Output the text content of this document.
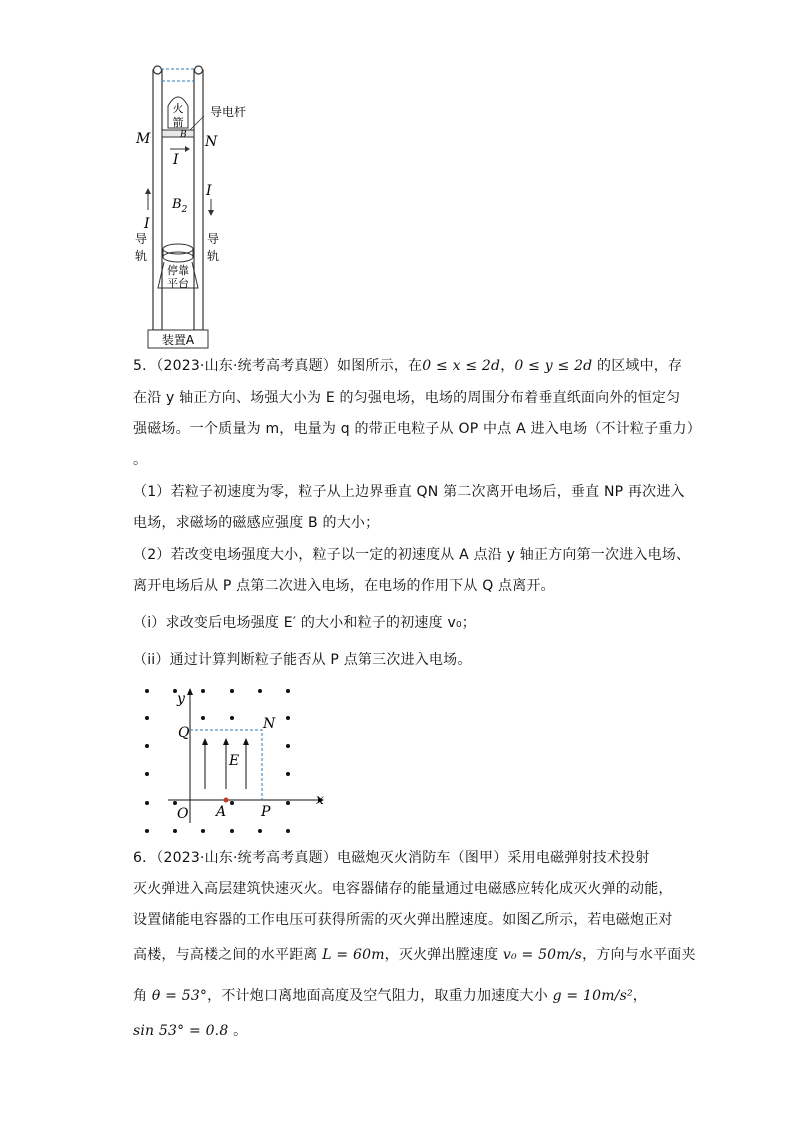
火
箭
B
导电杆
M	N
I
$B_2$
I
导
轨
I
导
轨
停靠
平台
装置A
5．（2023·山东·统考高考真题）如图所示，在0 ≤ x ≤ 2d，0 ≤ y ≤ 2d 的区域中，存
在沿 y 轴正方向、场强大小为 E 的匀强电场，电场的周围分布着垂直纸面向外的恒定匀
强磁场。一个质量为 m，电量为 q 的带正电粒子从 OP 中点 A 进入电场（不计粒子重力）
。
（1）若粒子初速度为零，粒子从上边界垂直 QN 第二次离开电场后，垂直 NP 再次进入
电场，求磁场的磁感应强度 B 的大小；
（2）若改变电场强度大小，粒子以一定的初速度从 A 点沿 y 轴正方向第一次进入电场、
离开电场后从 P 点第二次进入电场，在电场的作用下从 Q 点离开。
（i）求改变后电场强度 E′ 的大小和粒子的初速度 v₀；
（ii）通过计算判断粒子能否从 P 点第三次进入电场。
y
x
Q
N
E
O A P
6．（2023·山东·统考高考真题）电磁炮灭火消防车（图甲）采用电磁弹射技术投射
灭火弹进入高层建筑快速灭火。电容器储存的能量通过电磁感应转化成灭火弹的动能，
设置储能电容器的工作电压可获得所需的灭火弹出膛速度。如图乙所示，若电磁炮正对
高楼，与高楼之间的水平距离 L = 60m，灭火弹出膛速度 v₀ = 50m/s，方向与水平面夹
角 θ = 53°，不计炮口离地面高度及空气阻力，取重力加速度大小 g = 10m/s²，
sin 53° = 0.8 。
